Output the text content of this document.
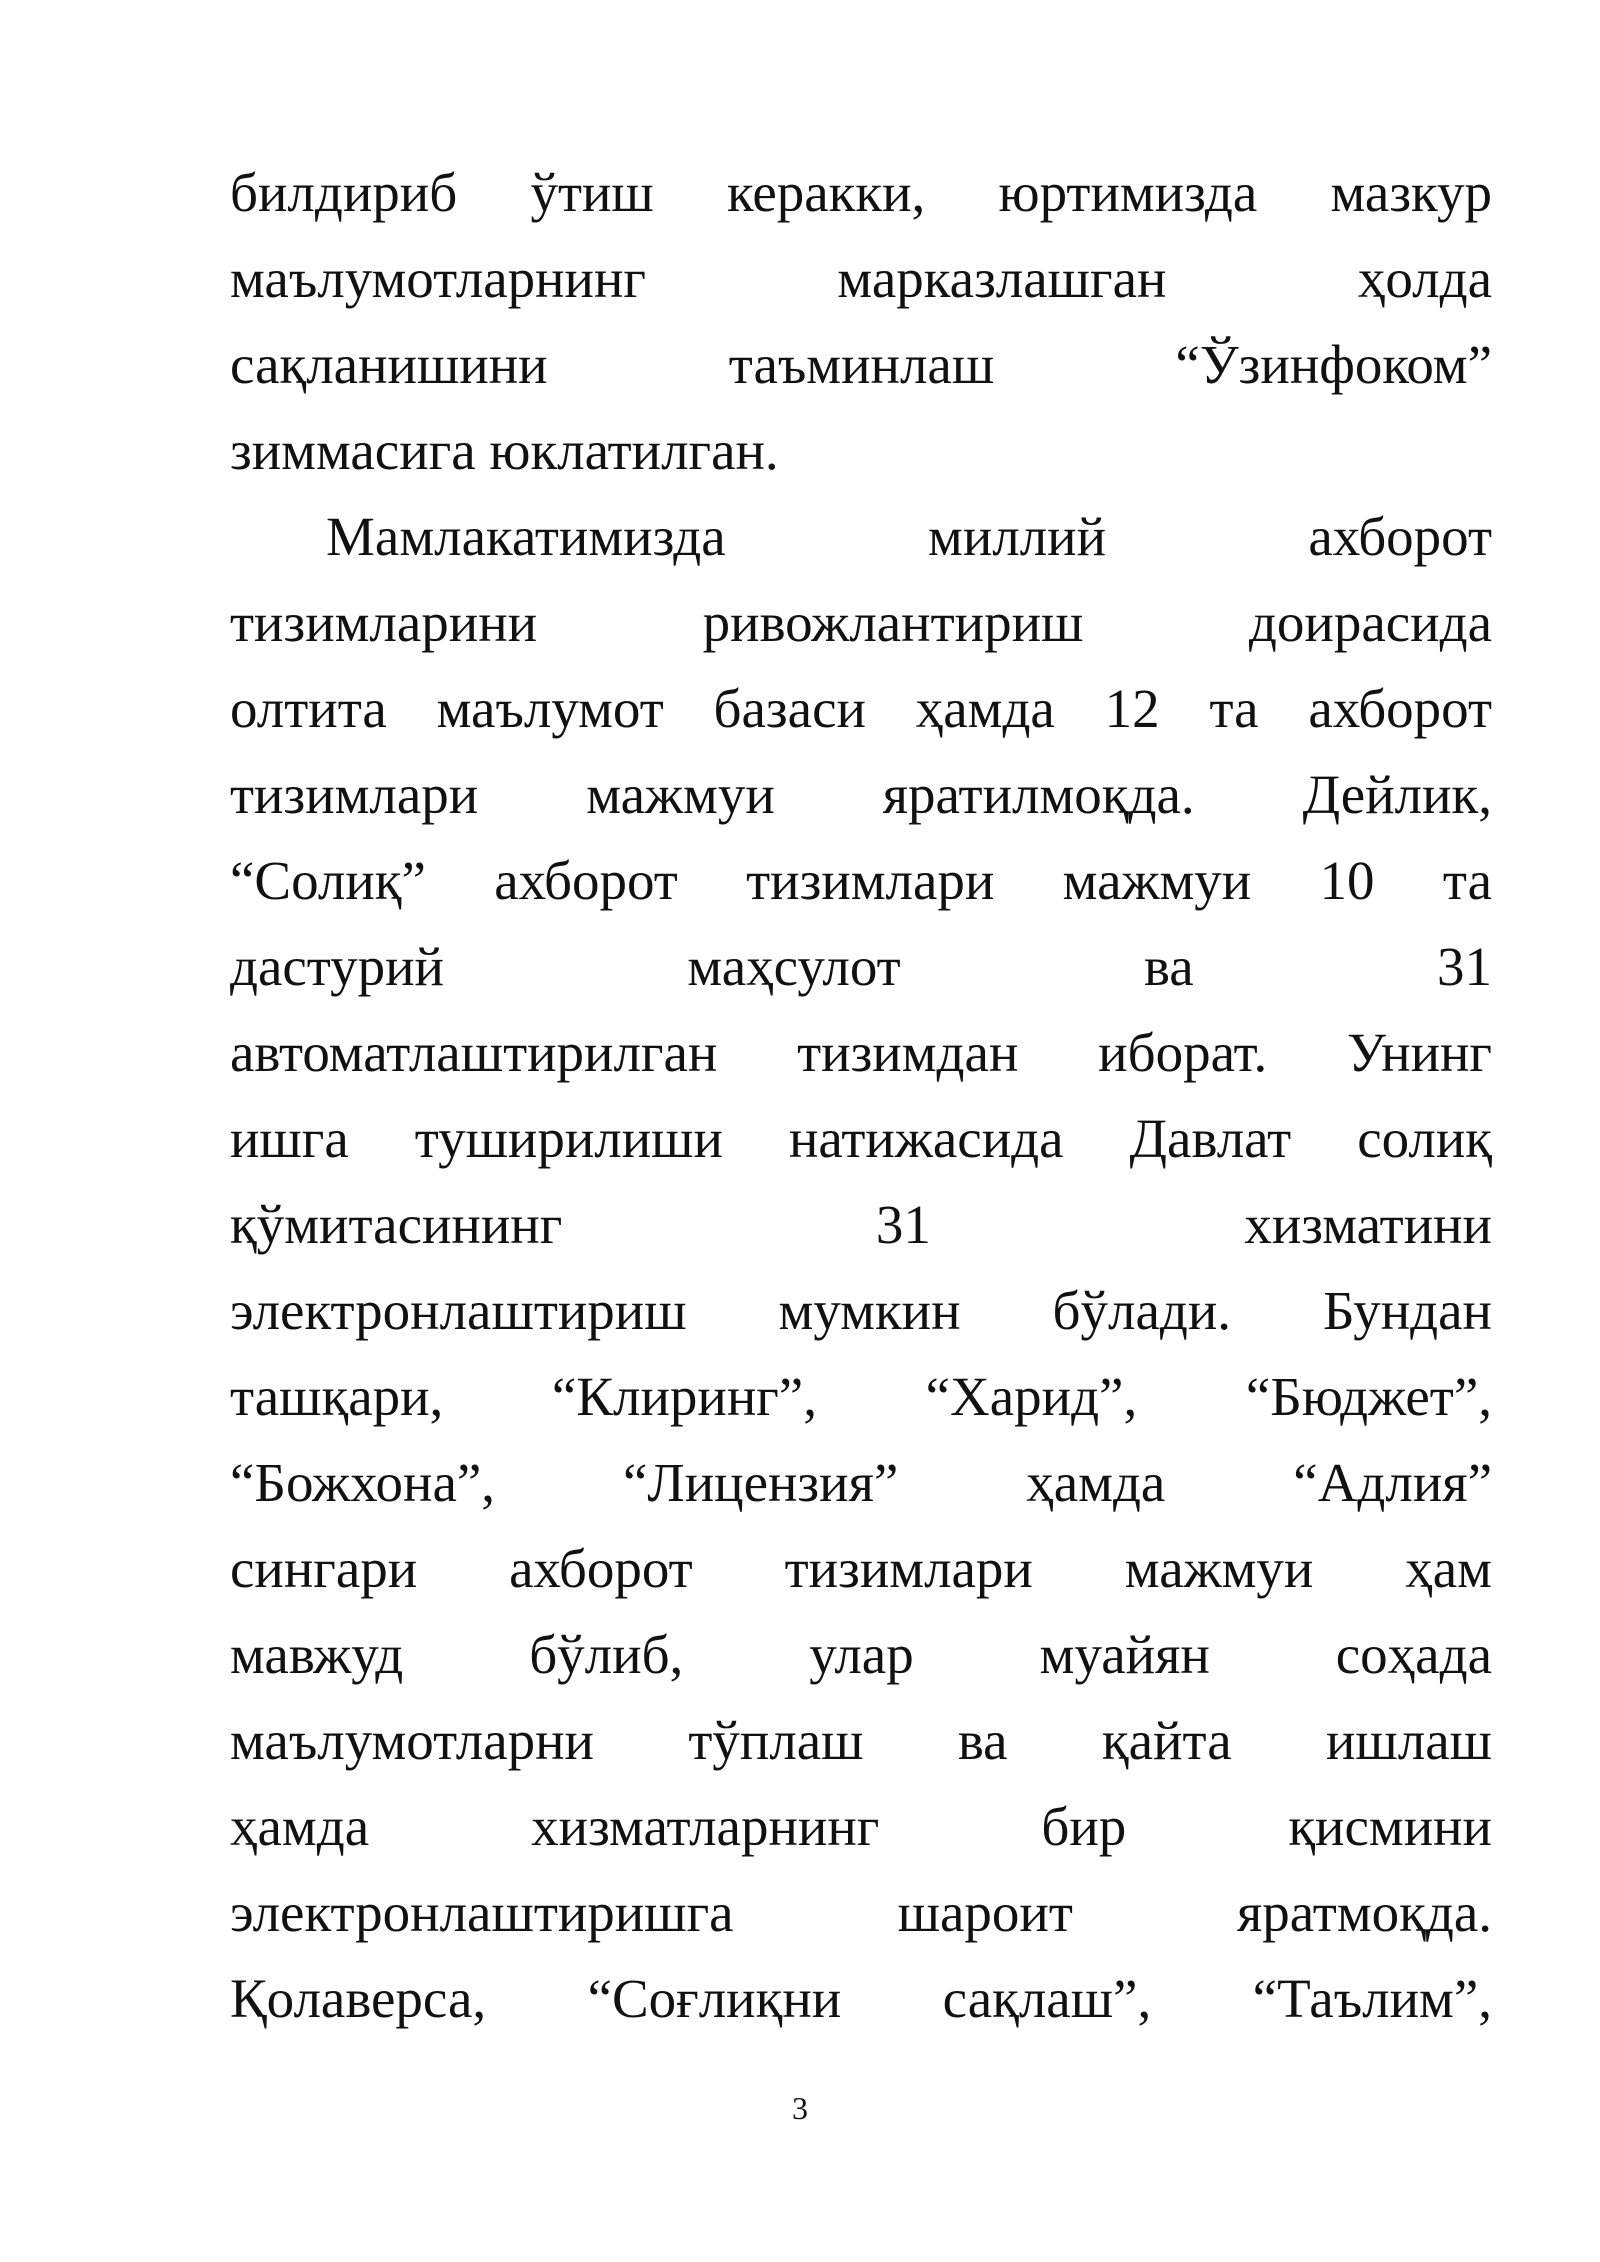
билдириб ўтиш керакки, юртимизда мазкур
маълумотларнинг марказлашган ҳолда
сақланишини таъминлаш “Ўзинфоком”
зиммасига юклатилган.
Мамлакатимизда миллий ахборот
тизимларини ривожлантириш доирасида
олтита маълумот базаси ҳамда 12 та ахборот
тизимлари мажмуи яратилмоқда. Дейлик,
“Солиқ” ахборот тизимлари мажмуи 10 та
дастурий маҳсулот ва 31
автоматлаштирилган тизимдан иборат. Унинг
ишга туширилиши натижасида Давлат солиқ
қўмитасининг 31 хизматини
электронлаштириш мумкин бўлади. Бундан
ташқари, “Клиринг”, “Харид”, “Бюджет”,
“Божхона”, “Лицензия” ҳамда “Адлия”
сингари ахборот тизимлари мажмуи ҳам
мавжуд бўлиб, улар муайян соҳада
маълумотларни тўплаш ва қайта ишлаш
ҳамда хизматларнинг бир қисмини
электронлаштиришга шароит яратмоқда.
Қолаверса, “Соғлиқни сақлаш”, “Таълим”,
3
